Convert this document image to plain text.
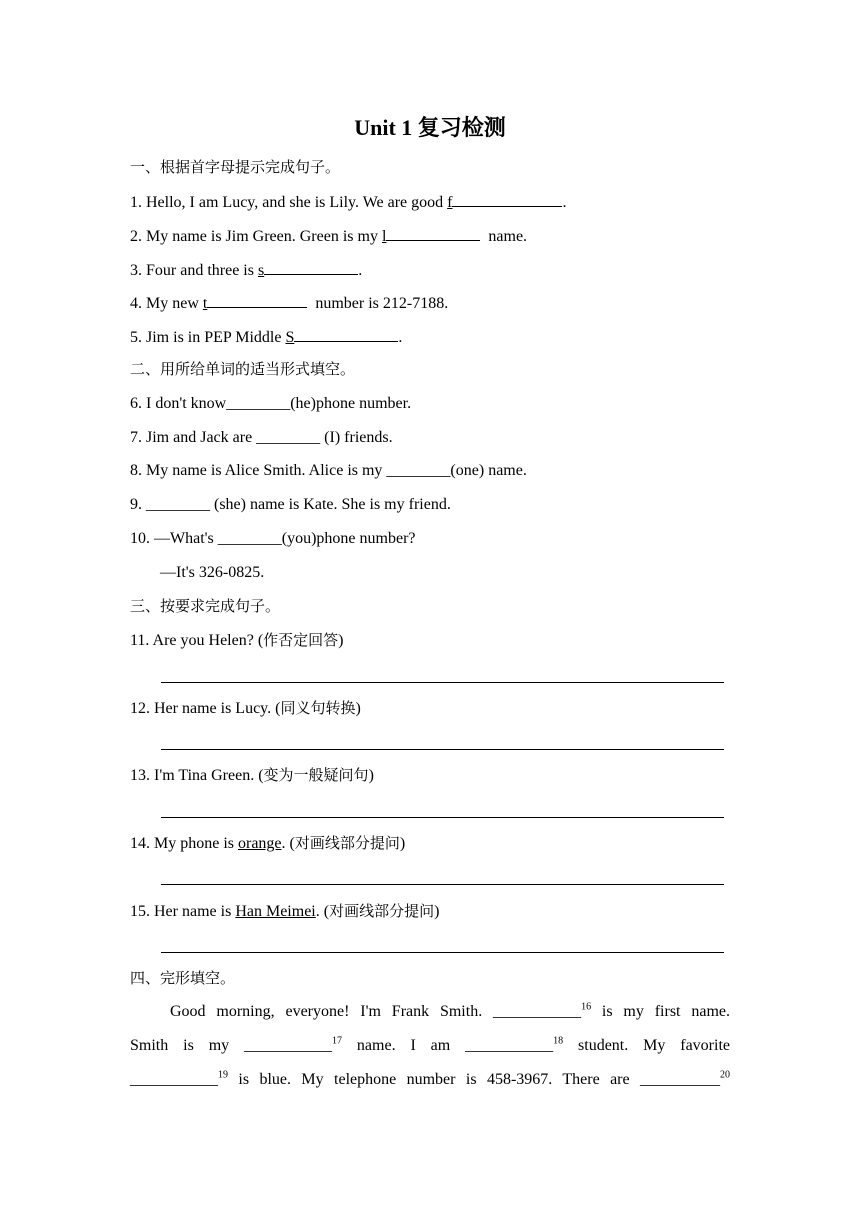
Unit 1 复习检测
一、根据首字母提示完成句子。
1. Hello, I am Lucy, and she is Lily. We are good f	.
2. My name is Jim Green. Green is my l	name.
3. Four and three is s	.
4. My new t	number is 212-7188.
5. Jim is in PEP Middle S	.
二、用所给单词的适当形式填空。
6. I don't know________(he)phone number.
7. Jim and Jack are ________ (I) friends.
8. My name is Alice Smith. Alice is my ________(one) name.
9. ________ (she) name is Kate. She is my friend.
10. —What's ________(you)phone number?
—It's 326-0825.
三、按要求完成句子。
11. Are you Helen? (作否定回答)
12. Her name is Lucy. (同义句转换)
13. I'm Tina Green. (变为一般疑问句)
14. My phone is orange. (对画线部分提问)
15. Her name is Han Meimei. (对画线部分提问)
四、完形填空。
Good morning, everyone! I'm Frank Smith. ___________$^{16}$ is my first name.
Smith is my ___________$^{17}$ name. I am ___________$^{18}$ student. My favorite
___________$^{19}$ is blue. My telephone number is 458-3967. There are __________$^{20}$
